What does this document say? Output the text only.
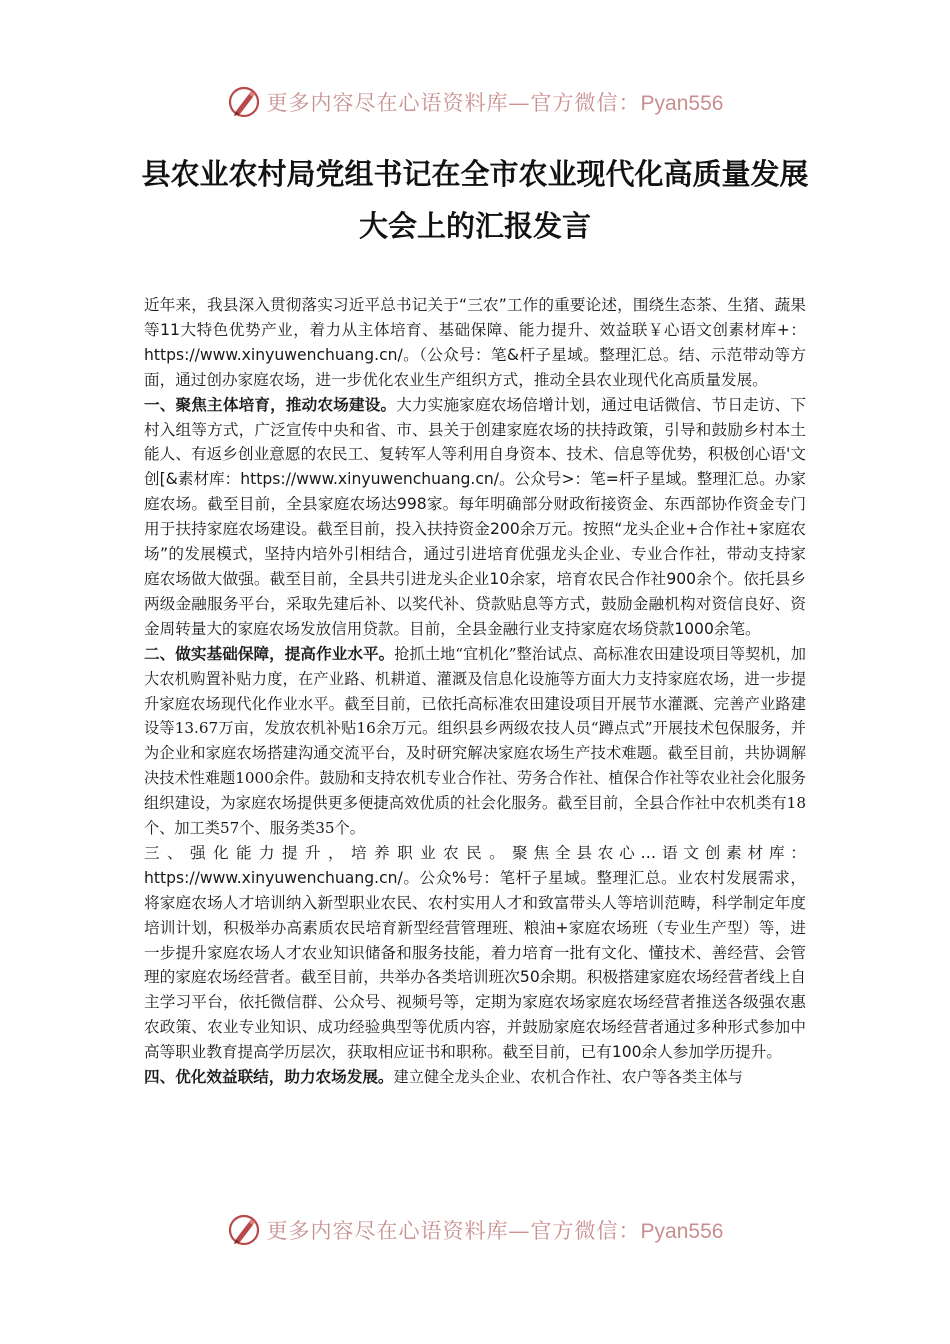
更多内容尽在心语资料库—官方微信：Pyan556
县农业农村局党组书记在全市农业现代化高质量发展
大会上的汇报发言

近年来，我县深入贯彻落实习近平总书记关于“三农”工作的重要论述，围绕生态茶、生猪、蔬果等11大特色优势产业，着力从主体培育、基础保障、能力提升、效益联￥心语文创素材库+：https://www.xinyuwenchuang.cn/。（公众号：笔&杆子星域。整理汇总。结、示范带动等方面，通过创办家庭农场，进一步优化农业生产组织方式，推动全县农业现代化高质量发展。

一、聚焦主体培育，推动农场建设。大力实施家庭农场倍增计划，通过电话微信、节日走访、下村入组等方式，广泛宣传中央和省、市、县关于创建家庭农场的扶持政策，引导和鼓励乡村本土能人、有返乡创业意愿的农民工、复转军人等利用自身资本、技术、信息等优势，积极创心语'文创[&素材库：https://www.xinyuwenchuang.cn/。公众号>：笔=杆子星域。整理汇总。办家庭农场。截至目前，全县家庭农场达998家。每年明确部分财政衔接资金、东西部协作资金专门用于扶持家庭农场建设。截至目前，投入扶持资金200余万元。按照“龙头企业+合作社+家庭农场”的发展模式，坚持内培外引相结合，通过引进培育优强龙头企业、专业合作社，带动支持家庭农场做大做强。截至目前，全县共引进龙头企业10余家，培育农民合作社900余个。依托县乡两级金融服务平台，采取先建后补、以奖代补、贷款贴息等方式，鼓励金融机构对资信良好、资金周转量大的家庭农场发放信用贷款。目前，全县金融行业支持家庭农场贷款1000余笔。

二、做实基础保障，提高作业水平。抢抓土地“宜机化”整治试点、高标准农田建设项目等契机，加大农机购置补贴力度，在产业路、机耕道、灌溉及信息化设施等方面大力支持家庭农场，进一步提升家庭农场现代化作业水平。截至目前，已依托高标准农田建设项目开展节水灌溉、完善产业路建设等13.67万亩，发放农机补贴16余万元。组织县乡两级农技人员“蹲点式”开展技术包保服务，并为企业和家庭农场搭建沟通交流平台，及时研究解决家庭农场生产技术难题。截至目前，共协调解决技术性难题1000余件。鼓励和支持农机专业合作社、劳务合作社、植保合作社等农业社会化服务组织建设，为家庭农场提供更多便捷高效优质的社会化服务。截至目前，全县合作社中农机类有18个、加工类57个、服务类35个。

三、强化能力提升，培养职业农民。聚焦全县农心…语文创素材库：https://www.xinyuwenchuang.cn/。公众%号：笔杆子星域。整理汇总。业农村发展需求，将家庭农场人才培训纳入新型职业农民、农村实用人才和致富带头人等培训范畴，科学制定年度培训计划，积极举办高素质农民培育新型经营管理班、粮油+家庭农场班（专业生产型）等，进一步提升家庭农场人才农业知识储备和服务技能，着力培育一批有文化、懂技术、善经营、会管理的家庭农场经营者。截至目前，共举办各类培训班次50余期。积极搭建家庭农场经营者线上自主学习平台，依托微信群、公众号、视频号等，定期为家庭农场家庭农场经营者推送各级强农惠农政策、农业专业知识、成功经验典型等优质内容，并鼓励家庭农场经营者通过多种形式参加中高等职业教育提高学历层次，获取相应证书和职称。截至目前，已有100余人参加学历提升。

四、优化效益联结，助力农场发展。建立健全龙头企业、农机合作社、农户等各类主体与

更多内容尽在心语资料库—官方微信：Pyan556
